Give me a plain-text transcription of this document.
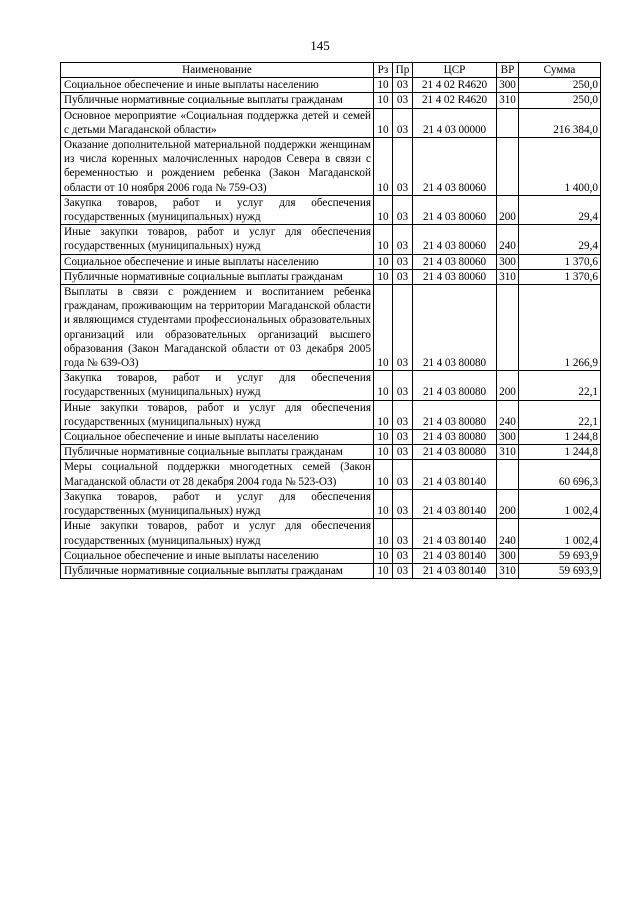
145
Наименование	Рз	Пр	ЦСР	ВР	Сумма
Социальное обеспечение и иные выплаты населению	10	03	21 4 02 R4620	300	250,0
Публичные нормативные социальные выплаты гражданам	10	03	21 4 02 R4620	310	250,0
Основное мероприятие «Социальная поддержка детей и семей с детьми Магаданской области»	10	03	21 4 03 00000		216 384,0
Оказание дополнительной материальной поддержки женщинам из числа коренных малочисленных народов Севера в связи с беременностью и рождением ребенка (Закон Магаданской области от 10 ноября 2006 года № 759-ОЗ)	10	03	21 4 03 80060		1 400,0
Закупка товаров, работ и услуг для обеспечения государственных (муниципальных) нужд	10	03	21 4 03 80060	200	29,4
Иные закупки товаров, работ и услуг для обеспечения государственных (муниципальных) нужд	10	03	21 4 03 80060	240	29,4
Социальное обеспечение и иные выплаты населению	10	03	21 4 03 80060	300	1 370,6
Публичные нормативные социальные выплаты гражданам	10	03	21 4 03 80060	310	1 370,6
Выплаты в связи с рождением и воспитанием ребенка гражданам, проживающим на территории Магаданской области и являющимся студентами профессиональных образовательных организаций или образовательных организаций высшего образования (Закон Магаданской области от 03 декабря 2005 года № 639-ОЗ)	10	03	21 4 03 80080		1 266,9
Закупка товаров, работ и услуг для обеспечения государственных (муниципальных) нужд	10	03	21 4 03 80080	200	22,1
Иные закупки товаров, работ и услуг для обеспечения государственных (муниципальных) нужд	10	03	21 4 03 80080	240	22,1
Социальное обеспечение и иные выплаты населению	10	03	21 4 03 80080	300	1 244,8
Публичные нормативные социальные выплаты гражданам	10	03	21 4 03 80080	310	1 244,8
Меры социальной поддержки многодетных семей (Закон Магаданской области от 28 декабря 2004 года № 523-ОЗ)	10	03	21 4 03 80140		60 696,3
Закупка товаров, работ и услуг для обеспечения государственных (муниципальных) нужд	10	03	21 4 03 80140	200	1 002,4
Иные закупки товаров, работ и услуг для обеспечения государственных (муниципальных) нужд	10	03	21 4 03 80140	240	1 002,4
Социальное обеспечение и иные выплаты населению	10	03	21 4 03 80140	300	59 693,9
Публичные нормативные социальные выплаты гражданам	10	03	21 4 03 80140	310	59 693,9
